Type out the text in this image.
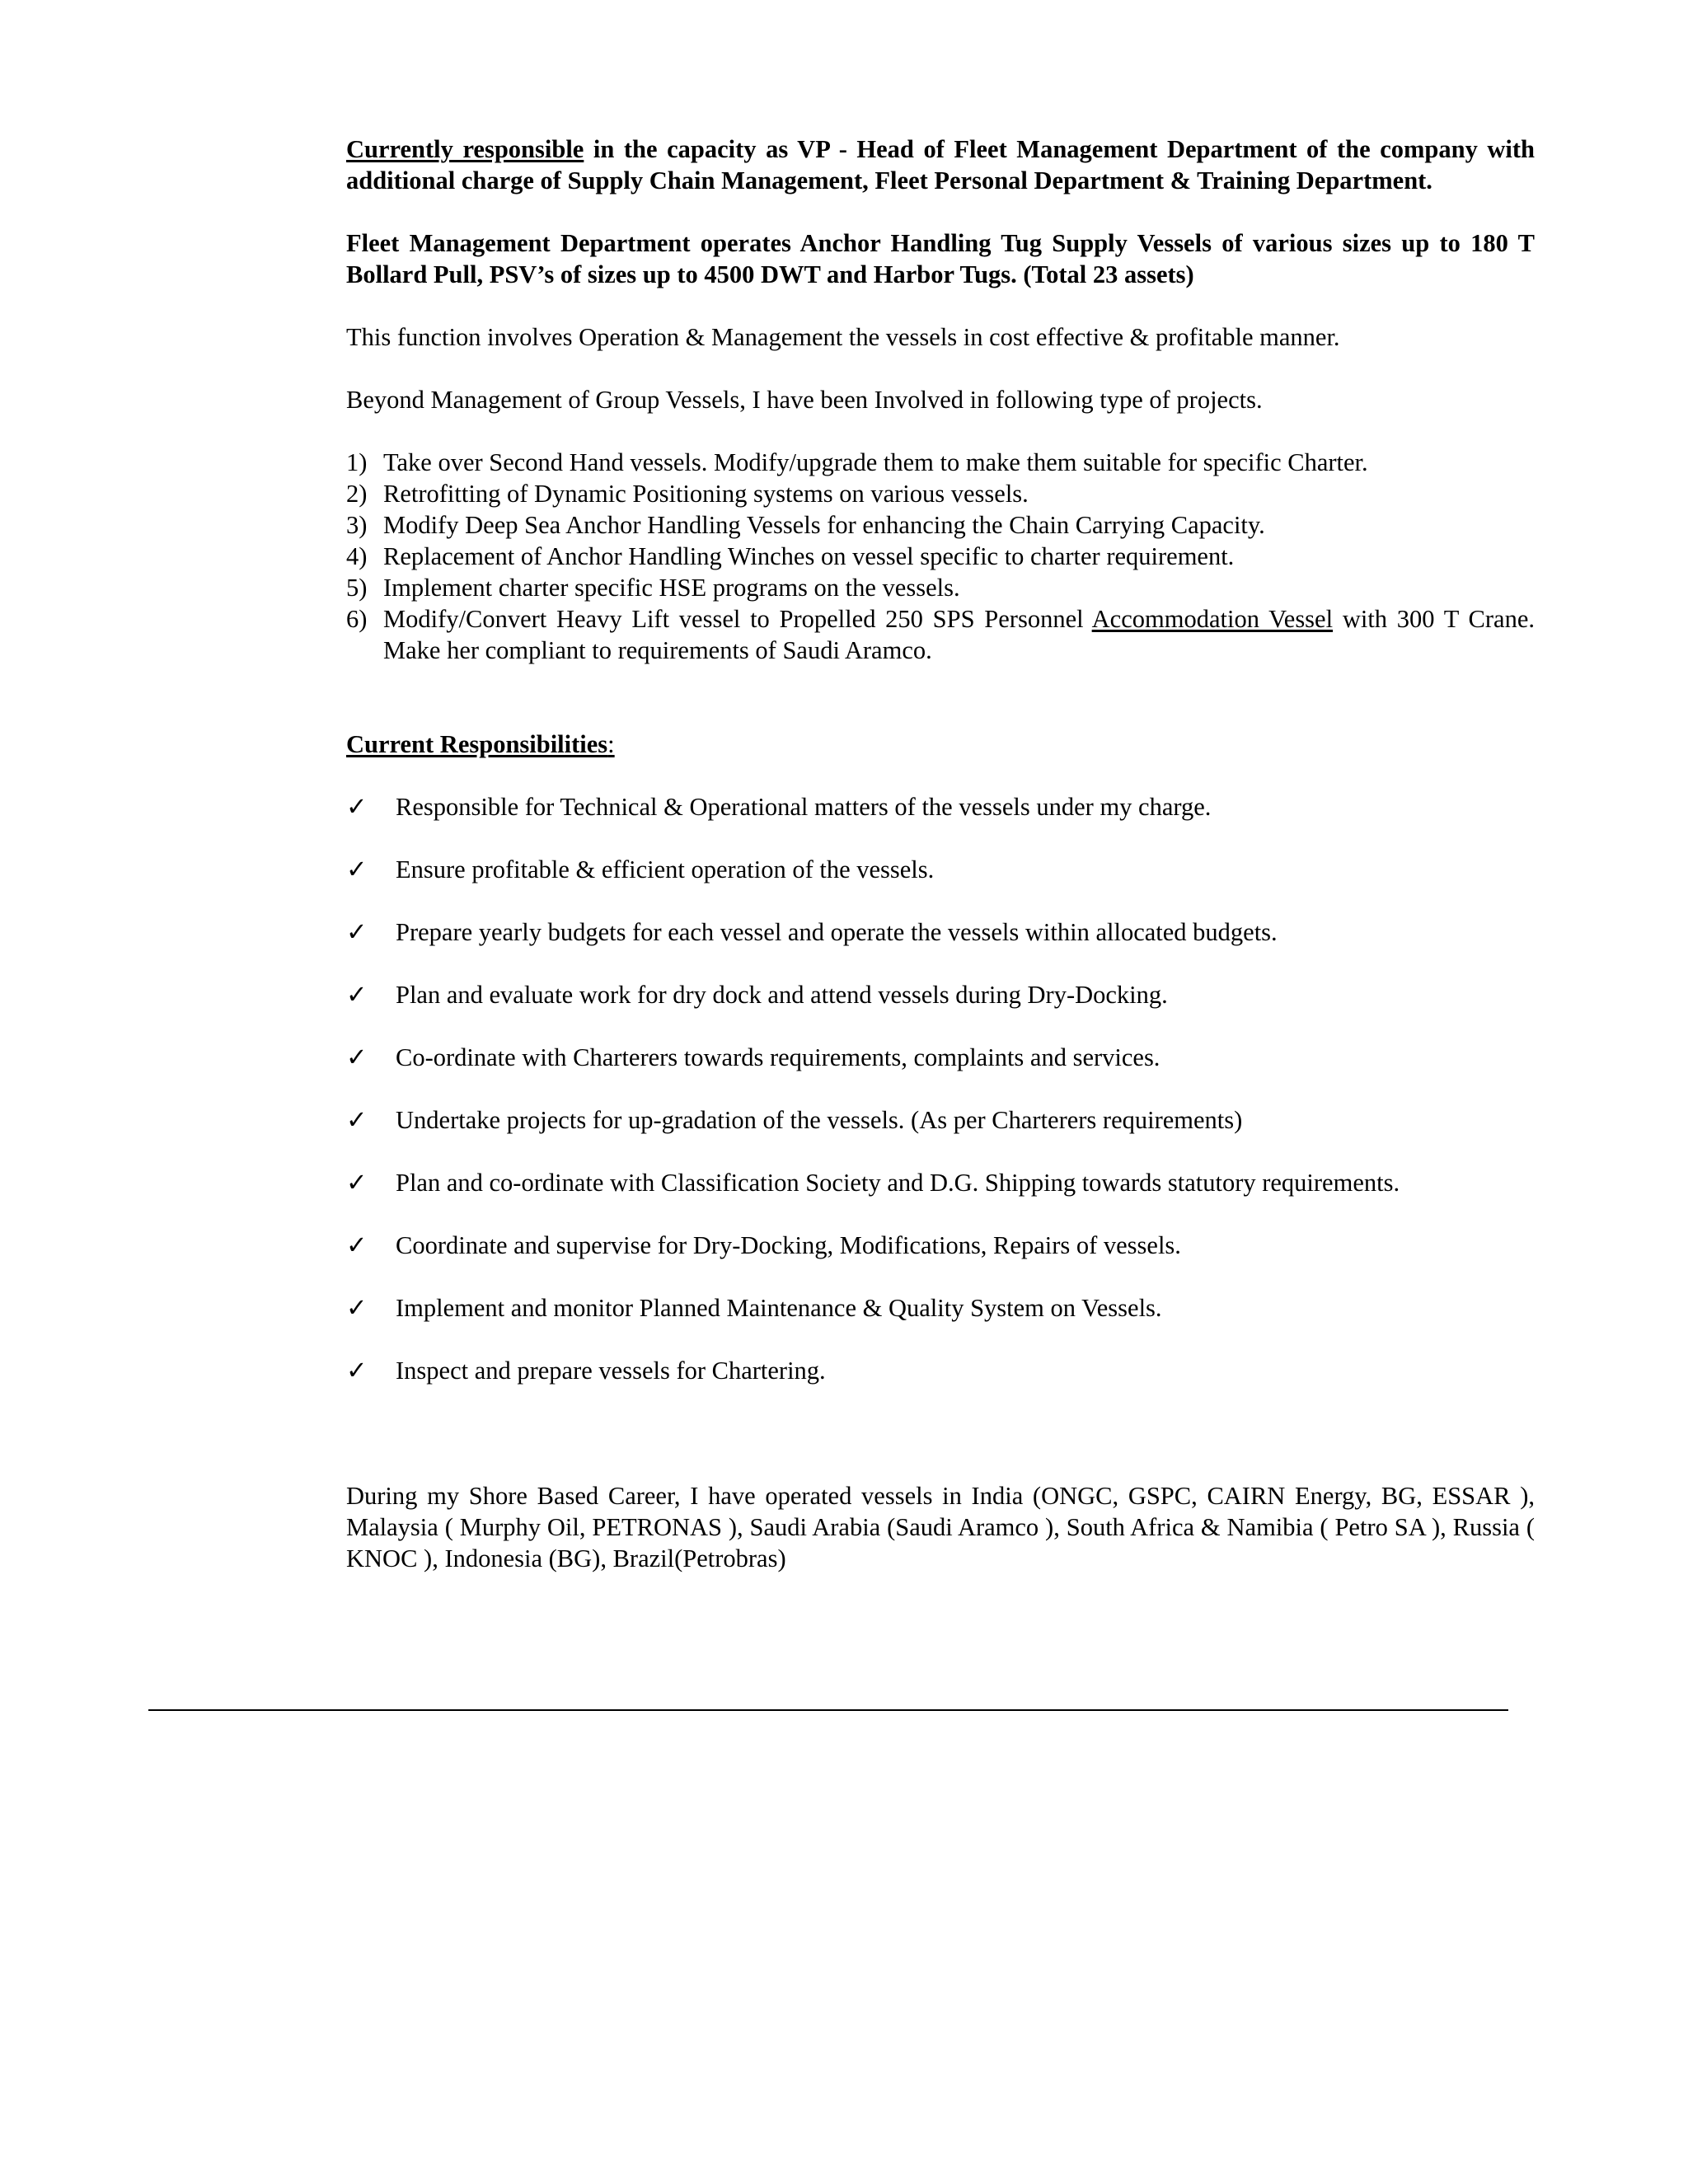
Currently responsible in the capacity as VP - Head of Fleet Management Department of the company with additional charge of Supply Chain Management, Fleet Personal Department & Training Department.

Fleet Management Department operates Anchor Handling Tug Supply Vessels of various sizes up to 180 T Bollard Pull, PSV’s of sizes up to 4500 DWT and Harbor Tugs. (Total 23 assets)

This function involves Operation & Management the vessels in cost effective & profitable manner.

Beyond Management of Group Vessels, I have been Involved in following type of projects.

1) Take over Second Hand vessels. Modify/upgrade them to make them suitable for specific Charter.
2) Retrofitting of Dynamic Positioning systems on various vessels.
3) Modify Deep Sea Anchor Handling Vessels for enhancing the Chain Carrying Capacity.
4) Replacement of Anchor Handling Winches on vessel specific to charter requirement.
5) Implement charter specific HSE programs on the vessels.
6) Modify/Convert Heavy Lift vessel to Propelled 250 SPS Personnel Accommodation Vessel with 300 T Crane. Make her compliant to requirements of Saudi Aramco.

Current Responsibilities:

✓ Responsible for Technical & Operational matters of the vessels under my charge.
✓ Ensure profitable & efficient operation of the vessels.
✓ Prepare yearly budgets for each vessel and operate the vessels within allocated budgets.
✓ Plan and evaluate work for dry dock and attend vessels during Dry-Docking.
✓ Co-ordinate with Charterers towards requirements, complaints and services.
✓ Undertake projects for up-gradation of the vessels. (As per Charterers requirements)
✓ Plan and co-ordinate with Classification Society and D.G. Shipping towards statutory requirements.
✓ Coordinate and supervise for Dry-Docking, Modifications, Repairs of vessels.
✓ Implement and monitor Planned Maintenance & Quality System on Vessels.
✓ Inspect and prepare vessels for Chartering.

During my Shore Based Career, I have operated vessels in India (ONGC, GSPC, CAIRN Energy, BG, ESSAR ), Malaysia ( Murphy Oil, PETRONAS ), Saudi Arabia (Saudi Aramco ), South Africa & Namibia ( Petro SA ), Russia ( KNOC ), Indonesia (BG), Brazil(Petrobras)
